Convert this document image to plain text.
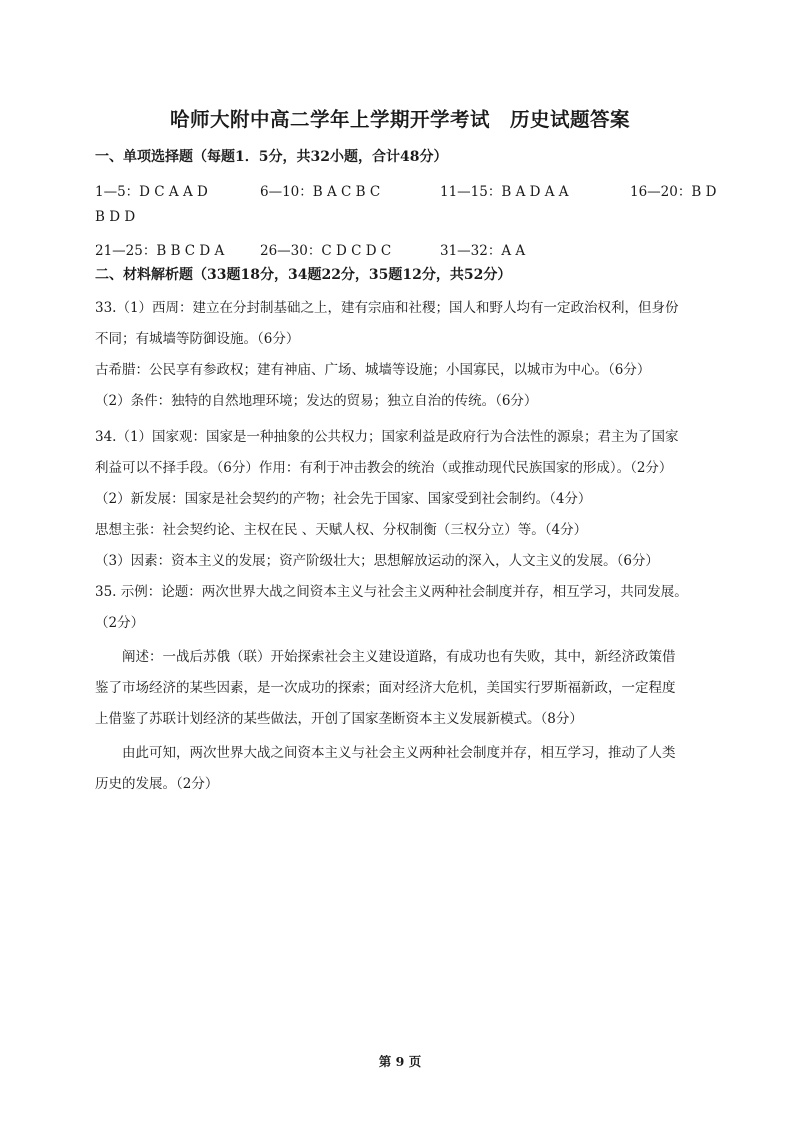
哈师大附中高二学年上学期开学考试　历史试题答案
一、单项选择题（每题1．5分，共32小题，合计48分）
1—5：D C A A D	6—10：B A C B C	11—15：B A D A A	16—20：B D
B D D
21—25：B B C D A	26—30：C D C D C	31—32：A A
二、材料解析题（33题18分，34题22分，35题12分，共52分）
33.（1）西周：建立在分封制基础之上，建有宗庙和社稷；国人和野人均有一定政治权利，但身份
不同；有城墙等防御设施。（6分）
古希腊：公民享有参政权；建有神庙、广场、城墙等设施；小国寡民，以城市为中心。（6分）
（2）条件：独特的自然地理环境；发达的贸易；独立自治的传统。（6分）
34.（1）国家观：国家是一种抽象的公共权力；国家利益是政府行为合法性的源泉；君主为了国家
利益可以不择手段。（6分）作用：有利于冲击教会的统治（或推动现代民族国家的形成）。（2分）
（2）新发展：国家是社会契约的产物；社会先于国家、国家受到社会制约。（4分）
思想主张：社会契约论、主权在民 、天赋人权、分权制衡（三权分立）等。（4分）
（3）因素：资本主义的发展；资产阶级壮大；思想解放运动的深入，人文主义的发展。（6分）
35. 示例：论题：两次世界大战之间资本主义与社会主义两种社会制度并存，相互学习，共同发展。
（2分）
　　阐述：一战后苏俄（联）开始探索社会主义建设道路，有成功也有失败，其中，新经济政策借
鉴了市场经济的某些因素，是一次成功的探索；面对经济大危机，美国实行罗斯福新政，一定程度
上借鉴了苏联计划经济的某些做法，开创了国家垄断资本主义发展新模式。（8分）
　　由此可知，两次世界大战之间资本主义与社会主义两种社会制度并存，相互学习，推动了人类
历史的发展。（2分）
第 9 页
